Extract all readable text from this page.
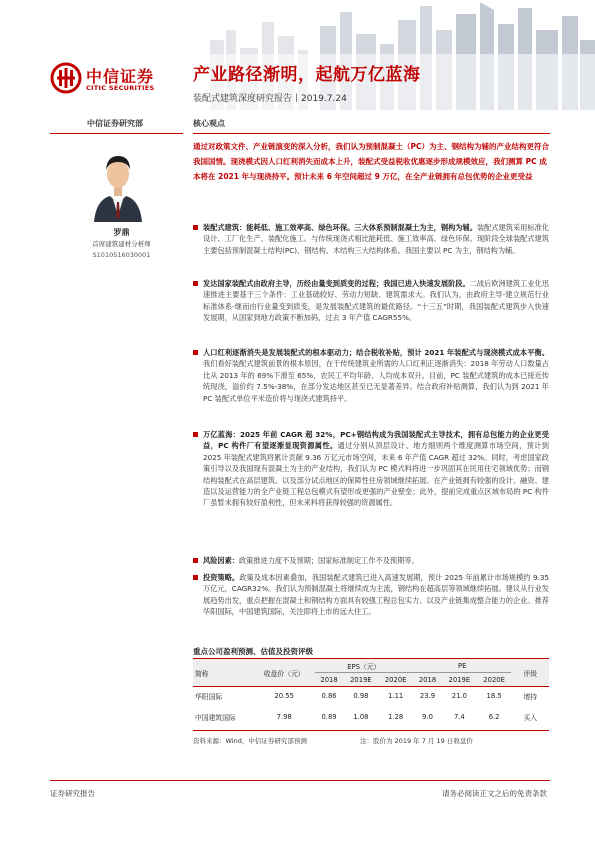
中信证券
CITIC SECURITIES
产业路径渐明，起航万亿蓝海
装配式建筑深度研究报告丨2019.7.24
中信证券研究部
罗鼎
首席建筑建材分析师
S1010516030001
核心观点
通过对政策文件、产业链演变的深入分析，我们认为预制混凝土（PC）为主、钢结构为辅的产业结构更符合我国国情。现浇模式因人口红利消失而成本上升，装配式受益税收优惠逐步形成规模效应，我们测算 PC 成本将在 2021 年与现浇持平。预计未来 6 年空间超过 9 万亿，在全产业链拥有总包优势的企业更受益
装配式建筑：能耗低、施工效率高、绿色环保。三大体系预制混凝土为主，钢构为辅。装配式建筑采用标准化设计、工厂化生产、装配化施工。与传统现浇式相比能耗低、施工效率高、绿色环保。现阶段全球装配式建筑主要包括预制混凝土结构(PC)、钢结构、木结构三大结构体系。我国主要以 PC 为主，钢结构为辅。
发达国家装配式由政府主导，历经由量变到质变的过程；我国已进入快速发展阶段。二战后欧洲建筑工业化迅速推进主要基于三个条件：工业基础较好、劳动力短缺、建筑需求大。我们认为，由政府主导-建立规范行业标准体系-继而由行业量变到质变，是发展装配式建筑的最优路径。“十三五”时期，我国装配式建筑步入快速发展期，从国家到地方政策不断加码，过去 3 年产值 CAGR55%。
人口红利逐渐消失是发展装配式的根本驱动力；结合税收补贴，预计 2021 年装配式与现浇模式成本平衡。我们看好装配式建筑前景的根本原因，在于传统建筑业所需的人口红利正逐渐消失：2018 年劳动人口数量占比从 2013 年的 69%下滑至 65%，农民工平均年龄、人均成本双升。目前，PC 装配式建筑的成本已接近传统现浇，溢价约 7.5%-38%，在部分发达地区甚至已无显著差异。结合政府补贴测算，我们认为到 2021 年 PC 装配式单位平米造价将与现浇式建筑持平。
万亿蓝海：2025 年前 CAGR 超 32%，PC+钢结构成为我国装配式主导技术，拥有总包能力的企业更受益，PC 构件厂有望逐渐显现资源属性。通过分别从顶层设计、地方细则两个维度测算市场空间，预计到 2025 年装配式建筑将累计贡献 9.36 万亿元市场空间，未来 6 年产值 CAGR 超过 32%。同时，考虑国家政策引导以及我国现有混凝土为主的产业结构，我们认为 PC 模式料将进一步巩固其在民用住宅领域优势；而钢结构装配式在高层建筑、以及部分试点地区的保障性住房领域继续拓展。在产业链拥有较强的设计、融资、建造以及运营能力的全产业链工程总包模式有望形成更强的产业壁垒；此外，提前完成重点区域布局的 PC 构件厂虽暂未拥有较好盈利性，但未来料将获得较强的资源属性。
风险因素：政策推进力度不及预期；国家标准制定工作不及预期等。
投资策略。政策及成本因素叠加，我国装配式建筑已进入高速发展期，预计 2025 年前累计市场规模约 9.35 万亿元，CAGR32%。我们认为预制混凝土将继续成为主流，钢结构在超高层等领域继续拓展。建议从行业发展趋势出发，重点把握在混凝土和钢结构方面具有较强工程总包实力、以及产业链集成整合能力的企业。推荐华阳国际，中国建筑国际，关注即将上市的远大住工。
重点公司盈利预测、估值及投资评级
简称	收盘价（元）	EPS（元）			PE			评级
		2018	2019E	2020E	2018	2019E	2020E	
华阳国际	20.55	0.86	0.98	1.11	23.9	21.0	18.5	增持
中国建筑国际	7.98	0.89	1.08	1.28	9.0	7.4	6.2	买入
资料来源：Wind，中信证券研究部预测	注：股价为 2019 年 7 月 19 日收盘价
证券研究报告	请务必阅读正文之后的免责条款
